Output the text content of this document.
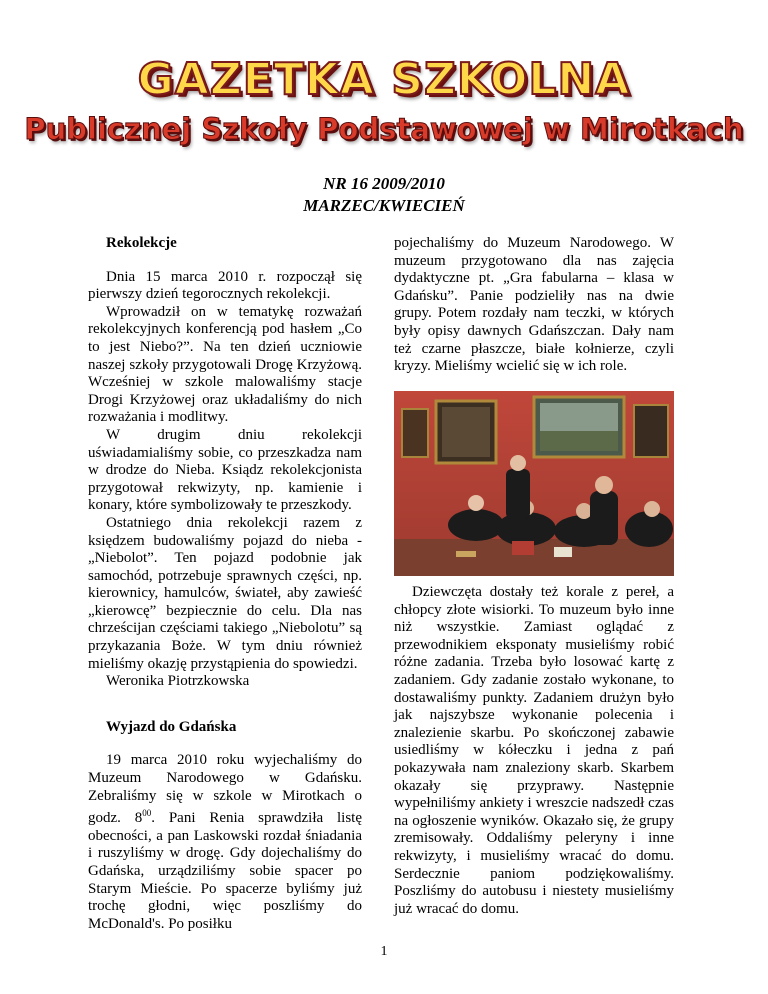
GAZETKA SZKOLNA
Publicznej Szkoły Podstawowej w Mirotkach
NR 16 2009/2010
MARZEC/KWIECIEŃ

Rekolekcje

Dnia 15 marca 2010 r. rozpoczął się pierwszy dzień tegorocznych rekolekcji.

Wprowadził on w tematykę rozważań rekolekcyjnych konferencją pod hasłem „Co to jest Niebo?”. Na ten dzień uczniowie naszej szkoły przygotowali Drogę Krzyżową. Wcześniej w szkole malowaliśmy stacje Drogi Krzyżowej oraz układaliśmy do nich rozważania i modlitwy.

W drugim dniu rekolekcji uświadamialiśmy sobie, co przeszkadza nam w drodze do Nieba. Ksiądz rekolekcjonista przygotował rekwizyty, np. kamienie i konary, które symbolizowały te przeszkody.

Ostatniego dnia rekolekcji razem z księdzem budowaliśmy pojazd do nieba - „Niebolot”. Ten pojazd podobnie jak samochód, potrzebuje sprawnych części, np. kierownicy, hamulców, świateł, aby zawieść „kierowcę” bezpiecznie do celu. Dla nas chrześcijan częściami takiego „Niebolotu” są przykazania Boże. W tym dniu również mieliśmy okazję przystąpienia do spowiedzi.

Weronika Piotrzkowska

Wyjazd do Gdańska

19 marca 2010 roku wyjechaliśmy do Muzeum Narodowego w Gdańsku. Zebraliśmy się w szkole w Mirotkach o godz. $8^{00}$. Pani Renia sprawdziła listę obecności, a pan Laskowski rozdał śniadania i ruszyliśmy w drogę. Gdy dojechaliśmy do Gdańska, urządziliśmy sobie spacer po Starym Mieście. Po spacerze byliśmy już trochę głodni, więc poszliśmy do McDonald's. Po posiłku

pojechaliśmy do Muzeum Narodowego. W muzeum przygotowano dla nas zajęcia dydaktyczne pt. „Gra fabularna – klasa w Gdańsku”. Panie podzieliły nas na dwie grupy. Potem rozdały nam teczki, w których były opisy dawnych Gdańszczan. Dały nam też czarne płaszcze, białe kołnierze, czyli kryzy. Mieliśmy wcielić się w ich role.

Dziewczęta dostały też korale z pereł, a chłopcy złote wisiorki. To muzeum było inne niż wszystkie. Zamiast oglądać z przewodnikiem eksponaty musieliśmy robić różne zadania. Trzeba było losować kartę z zadaniem. Gdy zadanie zostało wykonane, to dostawaliśmy punkty. Zadaniem drużyn było jak najszybsze wykonanie polecenia i znalezienie skarbu. Po skończonej zabawie usiedliśmy w kółeczku i jedna z pań pokazywała nam znaleziony skarb. Skarbem okazały się przyprawy. Następnie wypełniliśmy ankiety i wreszcie nadszedł czas na ogłoszenie wyników. Okazało się, że grupy zremisowały. Oddaliśmy peleryny i inne rekwizyty, i musieliśmy wracać do domu. Serdecznie paniom podziękowaliśmy. Poszliśmy do autobusu i niestety musieliśmy już wracać do domu.

1
